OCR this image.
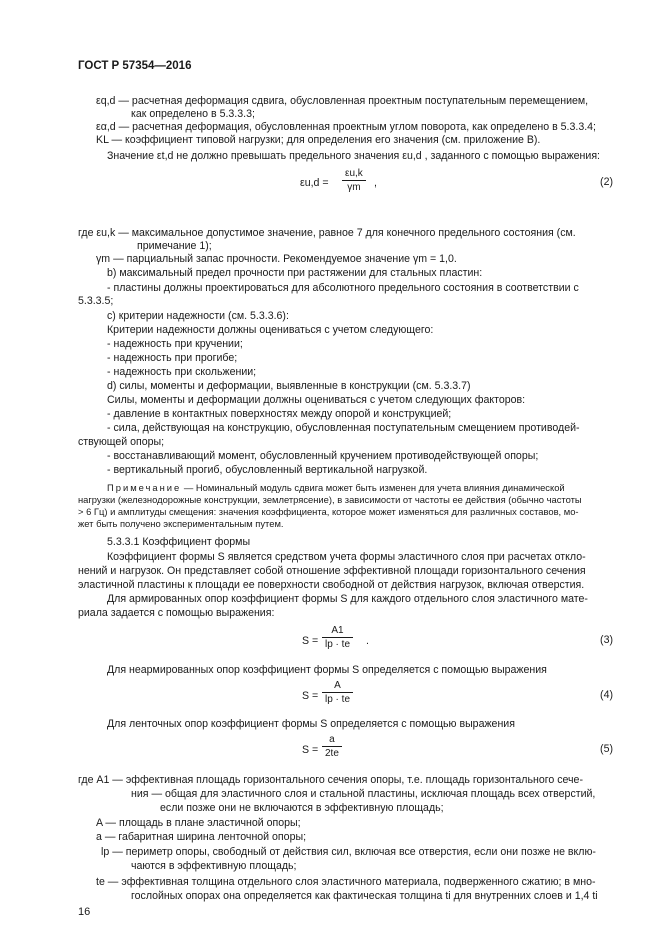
ГОСТ Р 57354—2016
εq,d — расчетная деформация сдвига, обусловленная проектным поступательным перемещением,
как определено в 5.3.3.3;
εα,d — расчетная деформация, обусловленная проектным углом поворота, как определено в 5.3.3.4;
KL — коэффициент типовой нагрузки; для определения его значения (см. приложение В).
Значение εt,d не должно превышать предельного значения εu,d , заданного с помощью выражения:
$\varepsilon u,d = \frac{\varepsilon u,k}{\gamma m}$ ,	(2)
где εu,k — максимальное допустимое значение, равное 7 для конечного предельного состояния (см.
примечание 1);
γm — парциальный запас прочности. Рекомендуемое значение γm = 1,0.
b) максимальный предел прочности при растяжении для стальных пластин:
- пластины должны проектироваться для абсолютного предельного состояния в соответствии с
5.3.3.5;
с) критерии надежности (см. 5.3.3.6):
Критерии надежности должны оцениваться с учетом следующего:
- надежность при кручении;
- надежность при прогибе;
- надежность при скольжении;
d) силы, моменты и деформации, выявленные в конструкции (см. 5.3.3.7)
Силы, моменты и деформации должны оцениваться с учетом следующих факторов:
- давление в контактных поверхностях между опорой и конструкцией;
- сила, действующая на конструкцию, обусловленная поступательным смещением противодей-
ствующей опоры;
- восстанавливающий момент, обусловленный кручением противодействующей опоры;
- вертикальный прогиб, обусловленный вертикальной нагрузкой.
Примечание — Номинальный модуль сдвига может быть изменен для учета влияния динамической
нагрузки (железнодорожные конструкции, землетрясение), в зависимости от частоты ее действия (обычно частоты
> 6 Гц) и амплитуды смещения: значения коэффициента, которое может изменяться для различных составов, мо-
жет быть получено экспериментальным путем.
5.3.3.1 Коэффициент формы
Коэффициент формы S является средством учета формы эластичного слоя при расчетах откло-
нений и нагрузок. Он представляет собой отношение эффективной площади горизонтального сечения
эластичной пластины к площади ее поверхности свободной от действия нагрузок, включая отверстия.
Для армированных опор коэффициент формы S для каждого отдельного слоя эластичного мате-
риала задается с помощью выражения:
$S = \frac{A1}{lp \cdot te}$ .	(3)
Для неармированных опор коэффициент формы S определяется с помощью выражения
$S = \frac{A}{lp \cdot te}$	(4)
Для ленточных опор коэффициент формы S определяется с помощью выражения
$S = \frac{a}{2te}$	(5)
где A1 — эффективная площадь горизонтального сечения опоры, т.е. площадь горизонтального сече-
ния — общая для эластичного слоя и стальной пластины, исключая площадь всех отверстий,
если позже они не включаются в эффективную площадь;
A — площадь в плане эластичной опоры;
a — габаритная ширина ленточной опоры;
lp — периметр опоры, свободный от действия сил, включая все отверстия, если они позже не вклю-
чаются в эффективную площадь;
te — эффективная толщина отдельного слоя эластичного материала, подверженного сжатию; в мно-
гослойных опорах она определяется как фактическая толщина ti для внутренних слоев и 1,4 ti
16
